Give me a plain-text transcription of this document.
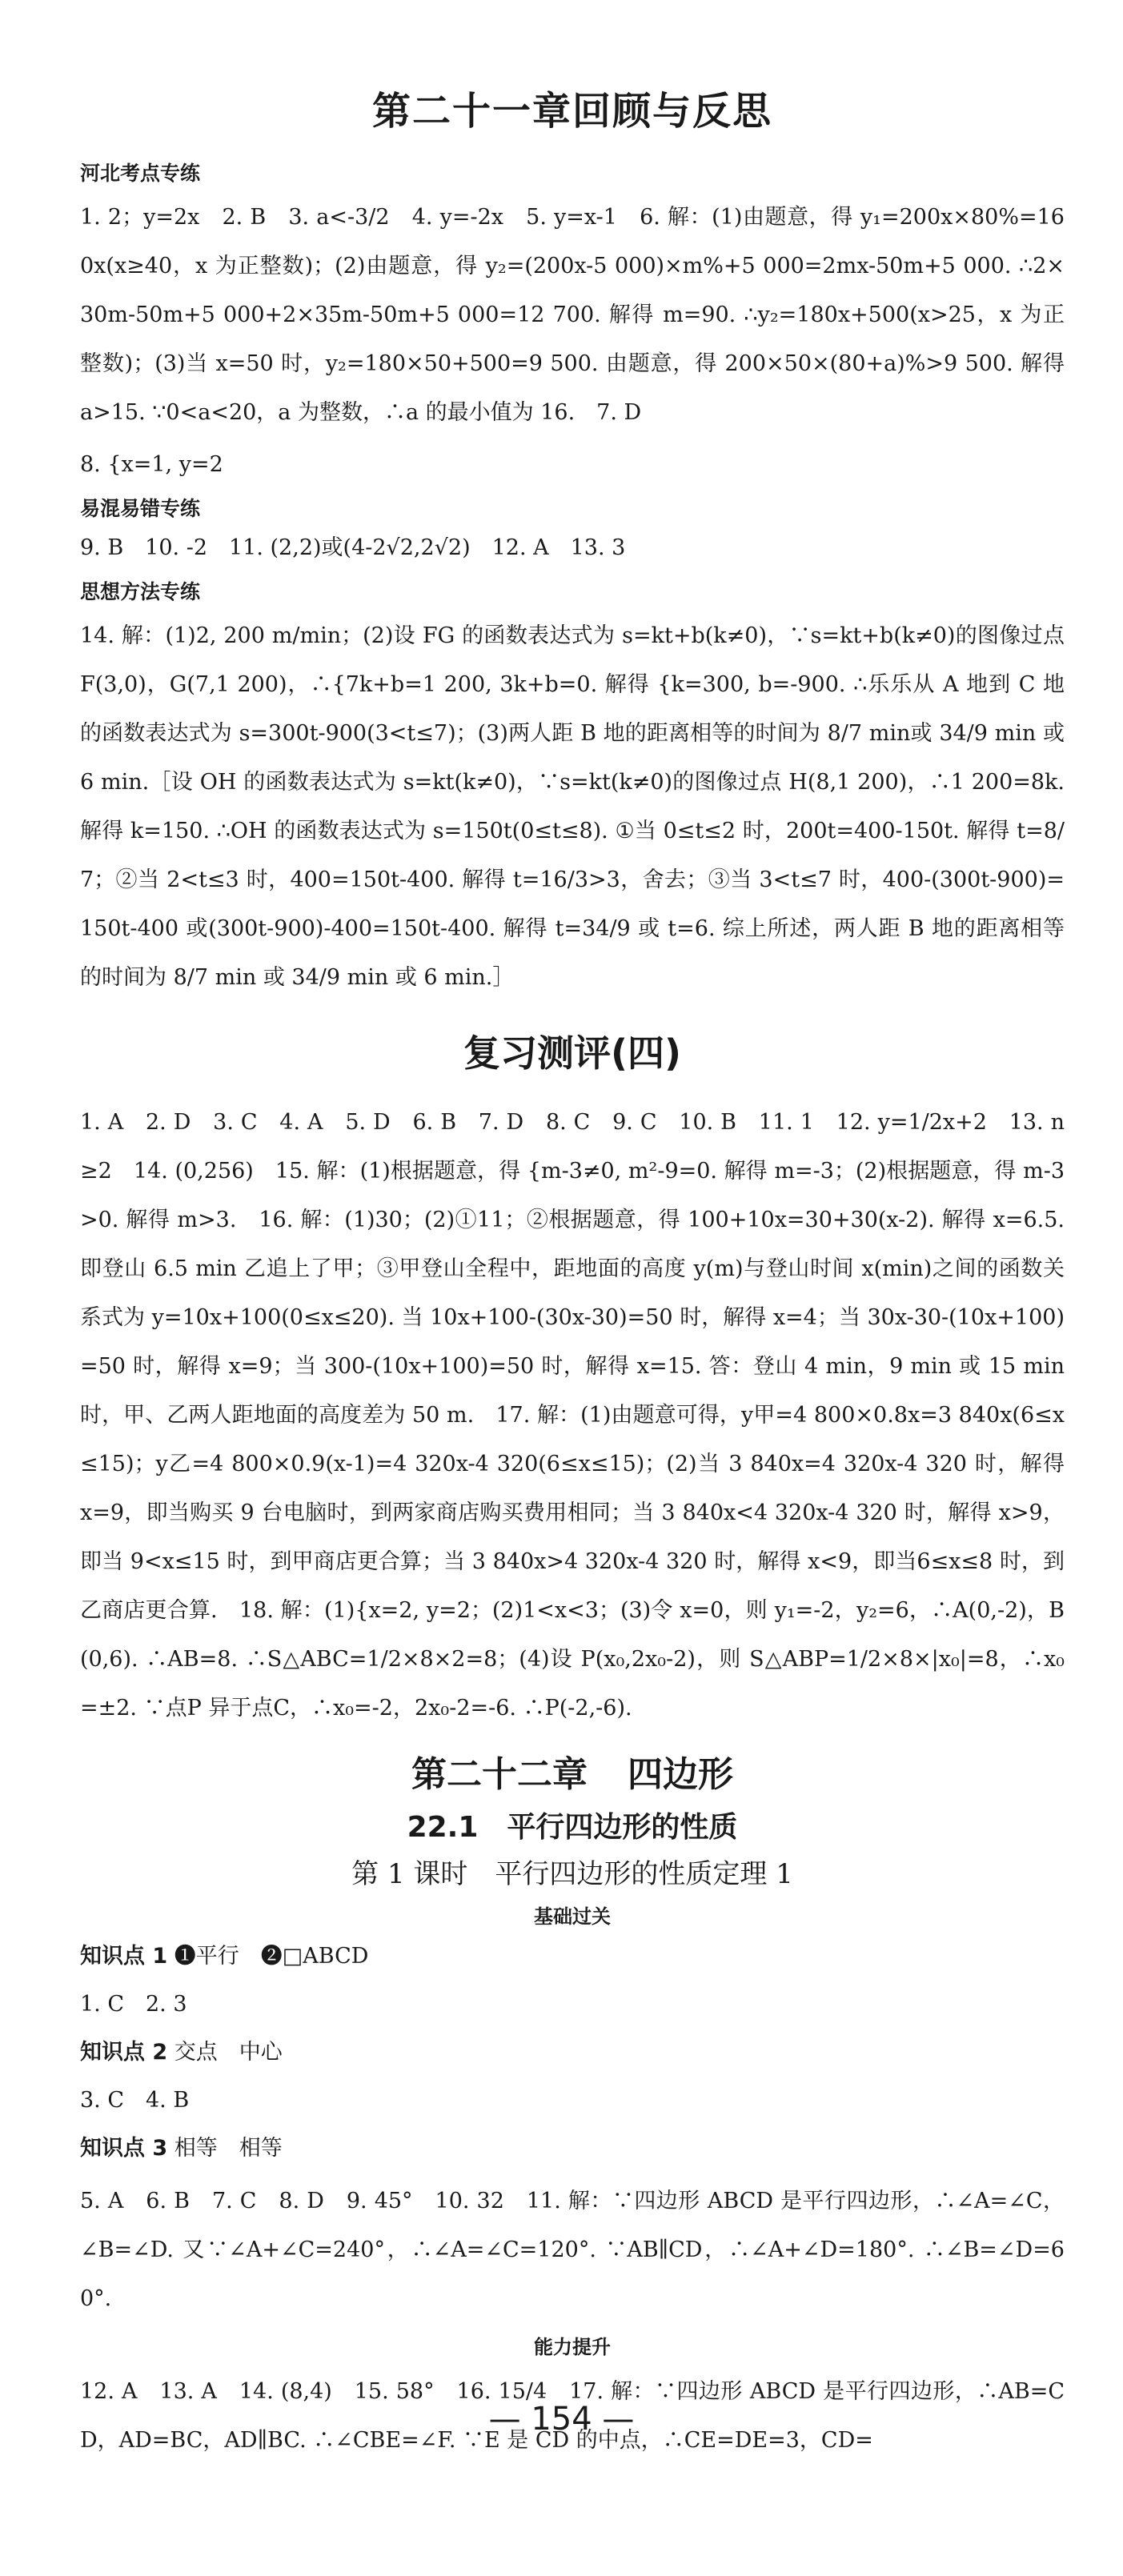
第二十一章回顾与反思
河北考点专练

1. 2；y=2x　2. B　3. a<-3/2　4. y=-2x　5. y=x-1　6. 解：(1)由题意，得 y₁=200x×80%=160x(x≥40，x 为正整数)；(2)由题意，得 y₂=(200x-5 000)×m%+5 000=2mx-50m+5 000. ∴2×30m-50m+5 000+2×35m-50m+5 000=12 700. 解得 m=90. ∴y₂=180x+500(x>25，x 为正整数)；(3)当 x=50 时，y₂=180×50+500=9 500. 由题意，得 200×50×(80+a)%>9 500. 解得 a>15. ∵0<a<20，a 为整数，∴a 的最小值为 16.　7. D

8. {x=1, y=2

易混易错专练

9. B　10. -2　11. (2,2)或(4-2√2,2√2)　12. A　13. 3

思想方法专练

14. 解：(1)2, 200 m/min；(2)设 FG 的函数表达式为 s=kt+b(k≠0)，∵s=kt+b(k≠0)的图像过点 F(3,0)，G(7,1 200)，∴{7k+b=1 200, 3k+b=0. 解得 {k=300, b=-900. ∴乐乐从 A 地到 C 地的函数表达式为 s=300t-900(3<t≤7)；(3)两人距 B 地的距离相等的时间为 8/7 min或 34/9 min 或 6 min.［设 OH 的函数表达式为 s=kt(k≠0)，∵s=kt(k≠0)的图像过点 H(8,1 200)，∴1 200=8k. 解得 k=150. ∴OH 的函数表达式为 s=150t(0≤t≤8). ①当 0≤t≤2 时，200t=400-150t. 解得 t=8/7；②当 2<t≤3 时，400=150t-400. 解得 t=16/3>3，舍去；③当 3<t≤7 时，400-(300t-900)=150t-400 或(300t-900)-400=150t-400. 解得 t=34/9 或 t=6. 综上所述，两人距 B 地的距离相等的时间为 8/7 min 或 34/9 min 或 6 min.］

复习测评(四)

1. A　2. D　3. C　4. A　5. D　6. B　7. D　8. C　9. C　10. B　11. 1　12. y=1/2x+2　13. n≥2　14. (0,256)　15. 解：(1)根据题意，得 {m-3≠0, m²-9=0. 解得 m=-3；(2)根据题意，得 m-3>0. 解得 m>3.　16. 解：(1)30；(2)①11；②根据题意，得 100+10x=30+30(x-2). 解得 x=6.5. 即登山 6.5 min 乙追上了甲；③甲登山全程中，距地面的高度 y(m)与登山时间 x(min)之间的函数关系式为 y=10x+100(0≤x≤20). 当 10x+100-(30x-30)=50 时，解得 x=4；当 30x-30-(10x+100)=50 时，解得 x=9；当 300-(10x+100)=50 时，解得 x=15. 答：登山 4 min，9 min 或 15 min 时，甲、乙两人距地面的高度差为 50 m.　17. 解：(1)由题意可得，y甲=4 800×0.8x=3 840x(6≤x≤15)；y乙=4 800×0.9(x-1)=4 320x-4 320(6≤x≤15)；(2)当 3 840x=4 320x-4 320 时，解得 x=9，即当购买 9 台电脑时，到两家商店购买费用相同；当 3 840x<4 320x-4 320 时，解得 x>9，即当 9<x≤15 时，到甲商店更合算；当 3 840x>4 320x-4 320 时，解得 x<9，即当6≤x≤8 时，到乙商店更合算.　18. 解：(1){x=2, y=2；(2)1<x<3；(3)令 x=0，则 y₁=-2，y₂=6，∴A(0,-2)，B(0,6). ∴AB=8. ∴S△ABC=1/2×8×2=8；(4)设 P(x₀,2x₀-2)，则 S△ABP=1/2×8×|x₀|=8，∴x₀=±2. ∵点P 异于点C，∴x₀=-2，2x₀-2=-6. ∴P(-2,-6).

第二十二章 四边形
22.1　平行四边形的性质
第 1 课时　平行四边形的性质定理 1
基础过关

知识点 1 ❶平行　❷□ABCD

1. C　2. 3

知识点 2 交点　中心

3. C　4. B

知识点 3 相等　相等

5. A　6. B　7. C　8. D　9. 45°　10. 32　11. 解：∵四边形 ABCD 是平行四边形，∴∠A=∠C，∠B=∠D. 又∵∠A+∠C=240°，∴∠A=∠C=120°. ∵AB∥CD，∴∠A+∠D=180°. ∴∠B=∠D=60°.

能力提升

12. A　13. A　14. (8,4)　15. 58°　16. 15/4　17. 解：∵四边形 ABCD 是平行四边形，∴AB=CD，AD=BC，AD∥BC. ∴∠CBE=∠F. ∵E 是 CD 的中点，∴CE=DE=3，CD=

— 154 —
